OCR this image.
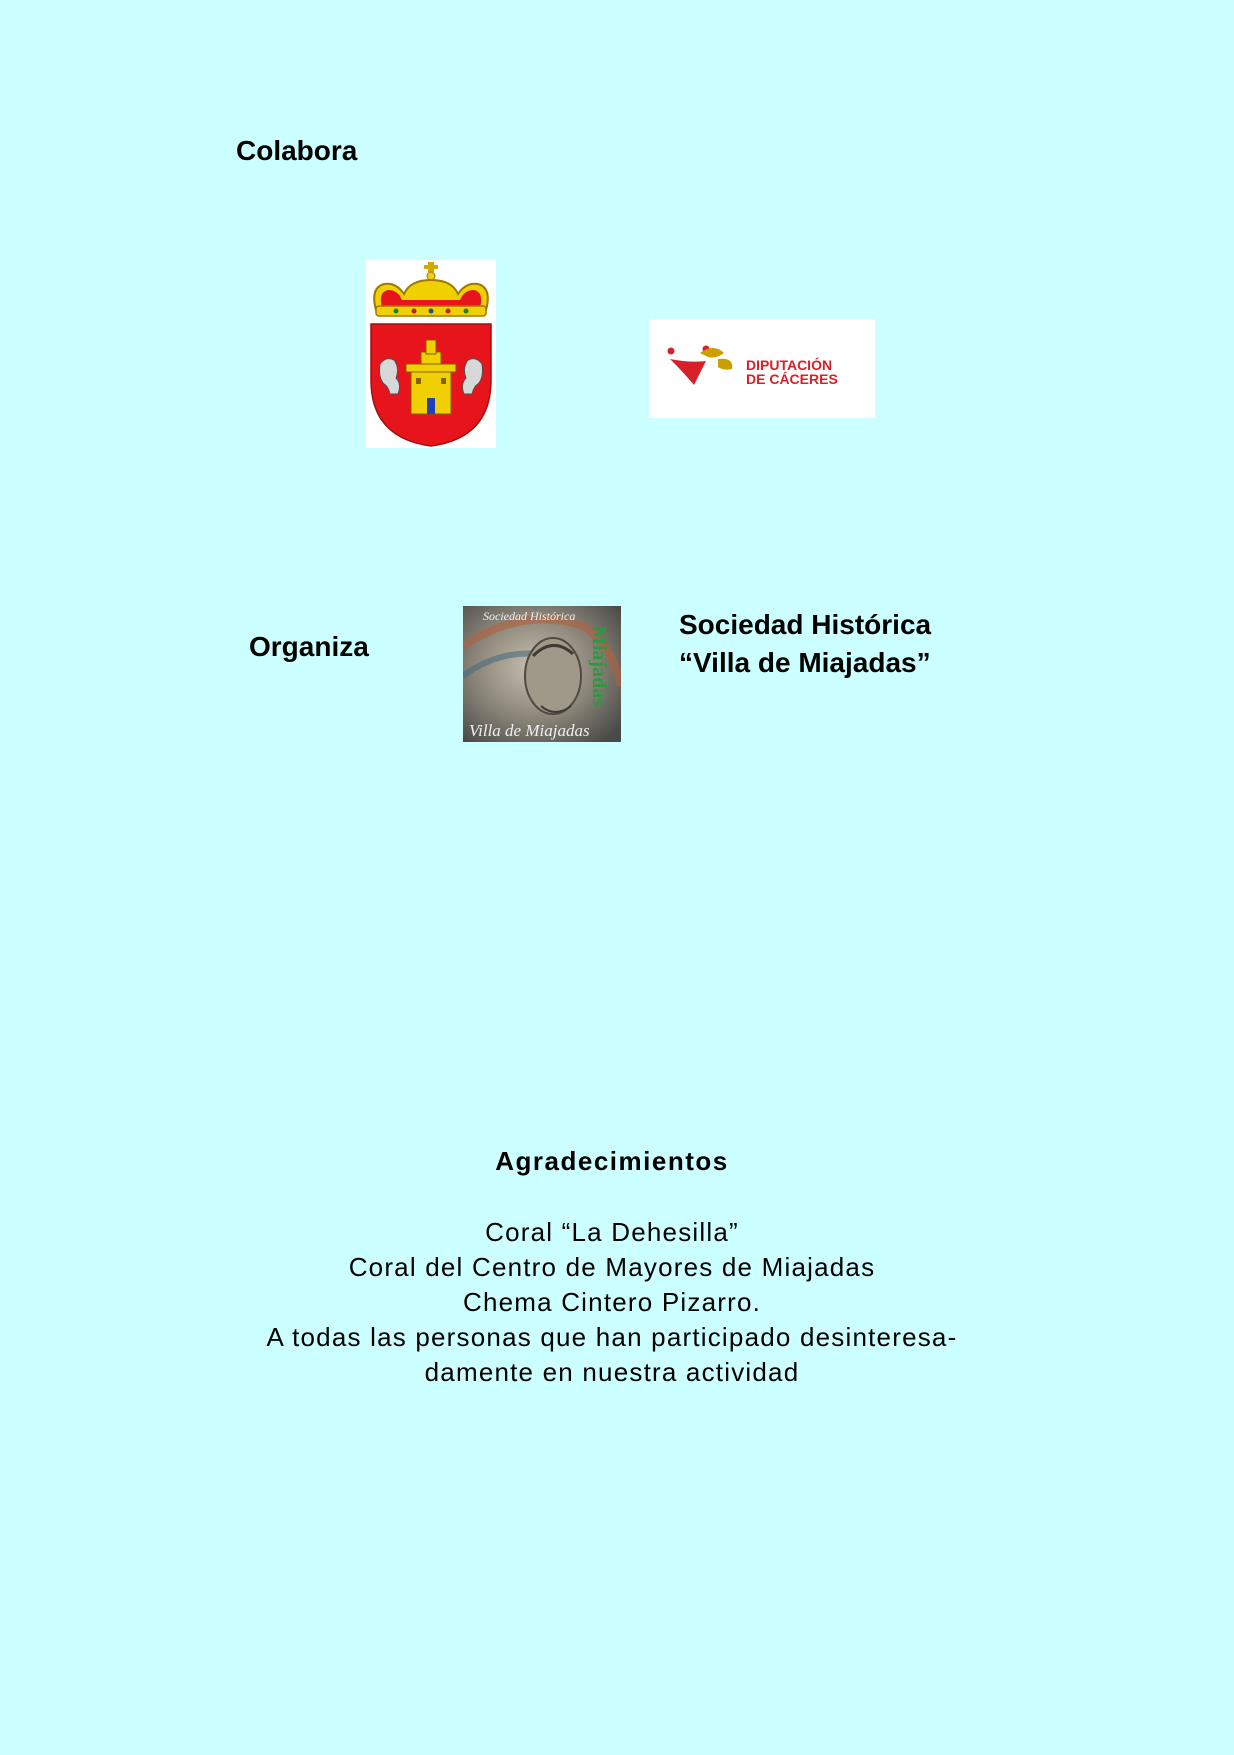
Colabora
DIPUTACIÓN
DE CÁCERES
Organiza
Sociedad Histórica
Miajadas
Villa de Miajadas
Sociedad Histórica
“Villa de Miajadas”
Agradecimientos
Coral “La Dehesilla”
Coral del Centro de Mayores de Miajadas
Chema Cintero Pizarro.
A todas las personas que han participado desinteresa-
damente en nuestra actividad
